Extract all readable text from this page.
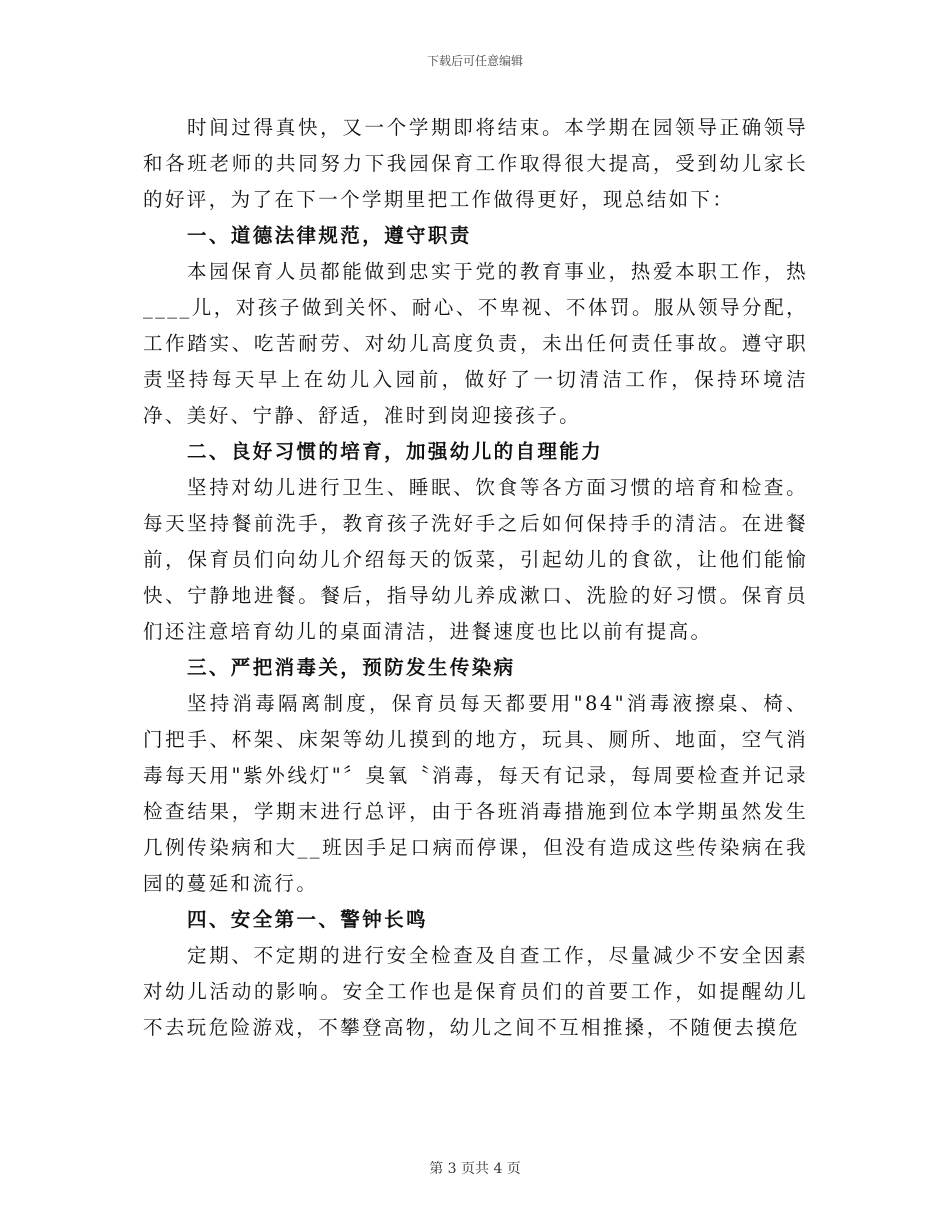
下载后可任意编辑

时间过得真快，又一个学期即将结束。本学期在园领导正确领导和各班老师的共同努力下我园保育工作取得很大提高，受到幼儿家长的好评，为了在下一个学期里把工作做得更好，现总结如下：

一、道德法律规范，遵守职责

本园保育人员都能做到忠实于党的教育事业，热爱本职工作，热____儿，对孩子做到关怀、耐心、不卑视、不体罚。服从领导分配，工作踏实、吃苦耐劳、对幼儿高度负责，未出任何责任事故。遵守职责坚持每天早上在幼儿入园前，做好了一切清洁工作，保持环境洁净、美好、宁静、舒适，准时到岗迎接孩子。

二、良好习惯的培育，加强幼儿的自理能力

坚持对幼儿进行卫生、睡眠、饮食等各方面习惯的培育和检查。每天坚持餐前洗手，教育孩子洗好手之后如何保持手的清洁。在进餐前，保育员们向幼儿介绍每天的饭菜，引起幼儿的食欲，让他们能愉快、宁静地进餐。餐后，指导幼儿养成漱口、洗脸的好习惯。保育员们还注意培育幼儿的桌面清洁，进餐速度也比以前有提高。

三、严把消毒关，预防发生传染病

坚持消毒隔离制度，保育员每天都要用"84"消毒液擦桌、椅、门把手、杯架、床架等幼儿摸到的地方，玩具、厕所、地面，空气消毒每天用"紫外线灯"〞臭氧〝消毒，每天有记录，每周要检查并记录检查结果，学期末进行总评，由于各班消毒措施到位本学期虽然发生几例传染病和大__班因手足口病而停课，但没有造成这些传染病在我园的蔓延和流行。

四、安全第一、警钟长鸣

定期、不定期的进行安全检查及自查工作，尽量减少不安全因素对幼儿活动的影响。安全工作也是保育员们的首要工作，如提醒幼儿不去玩危险游戏，不攀登高物，幼儿之间不互相推搡，不随便去摸危

第 3 页共 4 页
